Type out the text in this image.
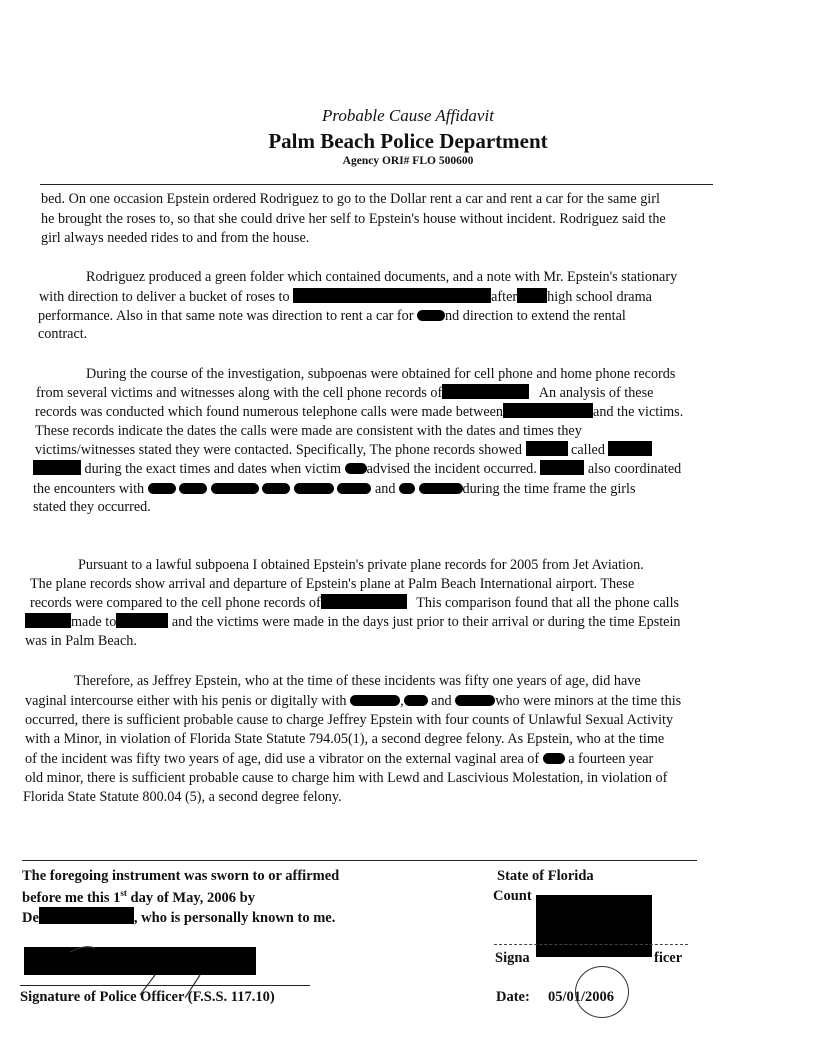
Probable Cause Affidavit
Palm Beach Police Department
Agency ORI# FLO 500600
bed. On one occasion Epstein ordered Rodriguez to go to the Dollar rent a car and rent a car for the same girl
he brought the roses to, so that she could drive her self to Epstein's house without incident. Rodriguez said the
girl always needed rides to and from the house.
Rodriguez produced a green folder which contained documents, and a note with Mr. Epstein's stationary
with direction to deliver a bucket of roses to	after high school drama
performance. Also in that same note was direction to rent a car for nd direction to extend the rental
contract.
During the course of the investigation, subpoenas were obtained for cell phone and home phone records
from several victims and witnesses along with the cell phone records of	An analysis of these
records was conducted which found numerous telephone calls were made between	and the victims.
These records indicate the dates the calls were made are consistent with the dates and times they
victims/witnesses stated they were contacted. Specifically, The phone records showed	called
during the exact times and dates when victim advised the incident occurred.	also coordinated
the encounters with	and	during the time frame the girls
stated they occurred.
Pursuant to a lawful subpoena I obtained Epstein's private plane records for 2005 from Jet Aviation.
The plane records show arrival and departure of Epstein's plane at Palm Beach International airport. These
records were compared to the cell phone records of	This comparison found that all the phone calls
made to	and the victims were made in the days just prior to their arrival or during the time Epstein
was in Palm Beach.
Therefore, as Jeffrey Epstein, who at the time of these incidents was fifty one years of age, did have
vaginal intercourse either with his penis or digitally with	, and	who were minors at the time this
occurred, there is sufficient probable cause to charge Jeffrey Epstein with four counts of Unlawful Sexual Activity
with a Minor, in violation of Florida State Statute 794.05(1), a second degree felony. As Epstein, who at the time
of the incident was fifty two years of age, did use a vibrator on the external vaginal area of a fourteen year
old minor, there is sufficient probable cause to charge him with Lewd and Lascivious Molestation, in violation of
Florida State Statute 800.04 (5), a second degree felony.
The foregoing instrument was sworn to or affirmed
before me this 1st day of May, 2006 by
De	, who is personally known to me.
Signature of Police Officer (F.S.S. 117.10)
State of Florida
Count
Signa	ficer
Date: 05/01/2006
